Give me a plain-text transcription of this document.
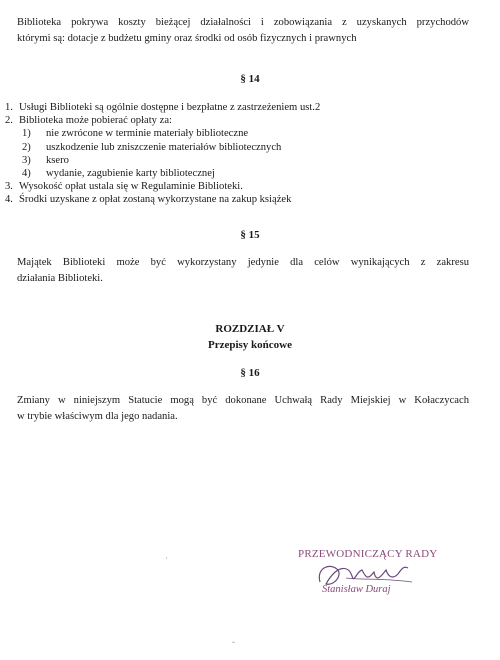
Biblioteka pokrywa koszty bieżącej działalności i zobowiązania z uzyskanych przychodów
którymi są: dotacje z budżetu gminy oraz środki od osób fizycznych i prawnych
§ 14
1. Usługi Biblioteki są ogólnie dostępne i bezpłatne z zastrzeżeniem ust.2
2. Biblioteka może pobierać opłaty za:
1) nie zwrócone w terminie materiały biblioteczne
2) uszkodzenie lub zniszczenie materiałów bibliotecznych
3) ksero
4) wydanie, zagubienie karty bibliotecznej
3. Wysokość opłat ustala się w Regulaminie Biblioteki.
4. Środki uzyskane z opłat zostaną wykorzystane na zakup książek
§ 15
Majątek Biblioteki może być wykorzystany jedynie dla celów wynikających z zakresu
działania Biblioteki.
ROZDZIAŁ V
Przepisy końcowe
§ 16
Zmiany w niniejszym Statucie mogą być dokonane Uchwałą Rady Miejskiej w Kołaczycach
w trybie właściwym dla jego nadania.
PRZEWODNICZĄCY RADY
Stanisław Duraj
·
ˇ
